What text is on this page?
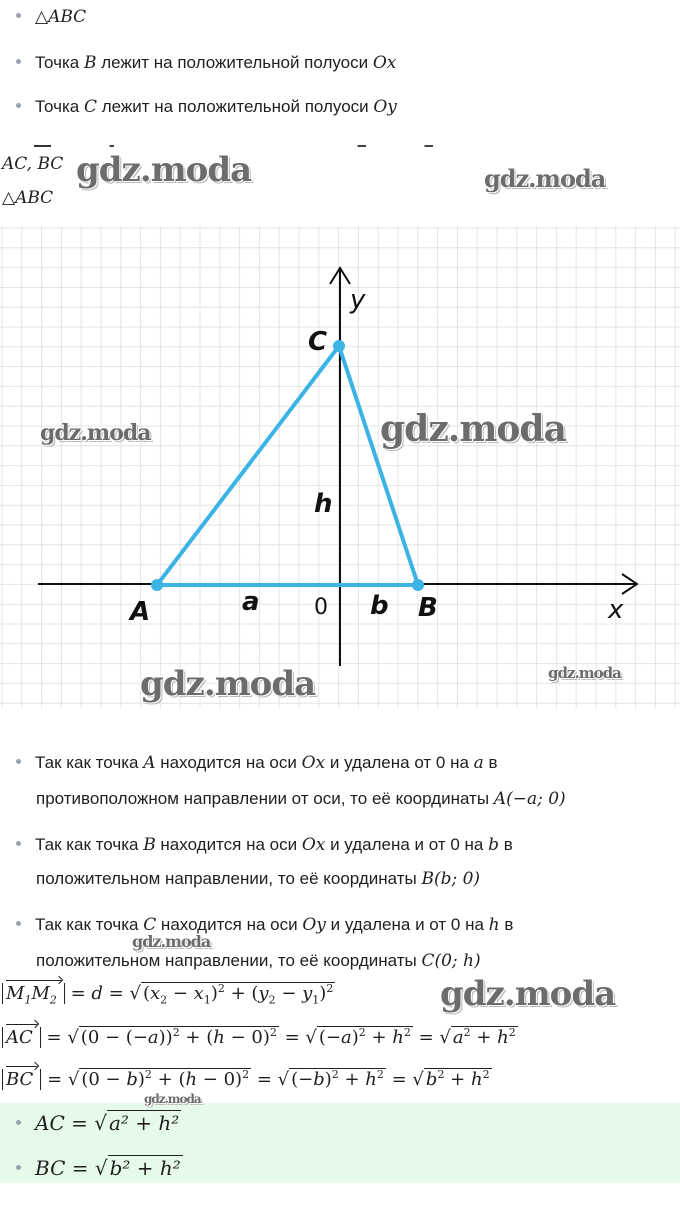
△ABC
Точка B лежит на положительной полуоси Ox
Точка C лежит на положительной полуоси Oy
AC, BC
△ABC
y
x
C
A	B
a	b
h
0
Так как точка A находится на оси Ox и удалена от 0 на a в
противоположном направлении от оси, то её координаты A(−a; 0)
Так как точка B находится на оси Ox и удалена и от 0 на b в
положительном направлении, то её координаты B(b; 0)
Так как точка C находится на оси Oy и удалена и от 0 на h в
положительном направлении, то её координаты C(0; h)
$M_1M_2 = d$ = √ $(x_2 - x_1)^2 + (y_2 - y_1)^2$
AC = √ $(0 - (-a))^2 + (h - 0)^2$ = √ $(-a)^2 + h^2$ = √ $a^2 + h^2$
BC = √ $(0 - b)^2 + (h - 0)^2$ = √ $(-b)^2 + h^2$ = √ $b^2 + h^2$
AC = √ a² + h²
BC = √ b² + h²
gdz.moda	gdz.moda
gdz.moda	gdz.moda
gdz.moda	gdz.moda
gdz.moda
gdz.moda
gdz.moda
